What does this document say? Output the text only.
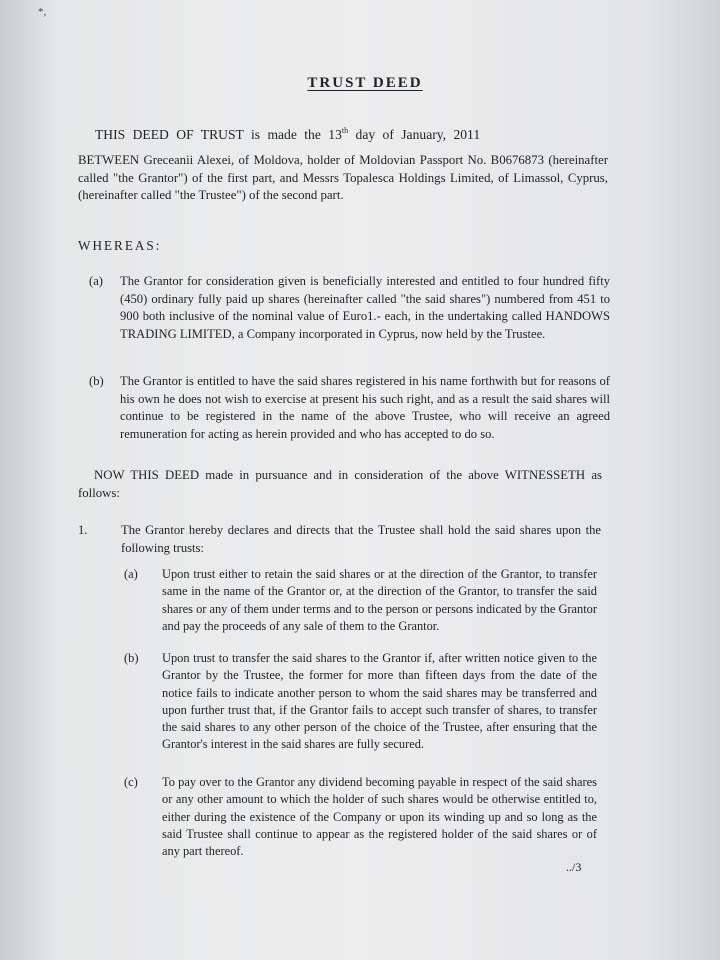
*,
TRUST DEED
THIS DEED OF TRUST is made the 13th day of January, 2011
BETWEEN Greceanii Alexei, of Moldova, holder of Moldovian Passport No. B0676873 (hereinafter called "the Grantor") of the first part, and Messrs Topalesca Holdings Limited, of Limassol, Cyprus, (hereinafter called "the Trustee") of the second part.
WHEREAS:
(a) The Grantor for consideration given is beneficially interested and entitled to four hundred fifty (450) ordinary fully paid up shares (hereinafter called "the said shares") numbered from 451 to 900 both inclusive of the nominal value of Euro1.- each, in the undertaking called HANDOWS TRADING LIMITED, a Company incorporated in Cyprus, now held by the Trustee.
(b) The Grantor is entitled to have the said shares registered in his name forthwith but for reasons of his own he does not wish to exercise at present his such right, and as a result the said shares will continue to be registered in the name of the above Trustee, who will receive an agreed remuneration for acting as herein provided and who has accepted to do so.
NOW THIS DEED made in pursuance and in consideration of the above WITNESSETH as follows:
1.	The Grantor hereby declares and directs that the Trustee shall hold the said shares upon the following trusts:
(a) Upon trust either to retain the said shares or at the direction of the Grantor, to transfer same in the name of the Grantor or, at the direction of the Grantor, to transfer the said shares or any of them under terms and to the person or persons indicated by the Grantor and pay the proceeds of any sale of them to the Grantor.
(b) Upon trust to transfer the said shares to the Grantor if, after written notice given to the Grantor by the Trustee, the former for more than fifteen days from the date of the notice fails to indicate another person to whom the said shares may be transferred and upon further trust that, if the Grantor fails to accept such transfer of shares, to transfer the said shares to any other person of the choice of the Trustee, after ensuring that the Grantor's interest in the said shares are fully secured.
(c) To pay over to the Grantor any dividend becoming payable in respect of the said shares or any other amount to which the holder of such shares would be otherwise entitled to, either during the existence of the Company or upon its winding up and so long as the said Trustee shall continue to appear as the registered holder of the said shares or of any part thereof.
../3
